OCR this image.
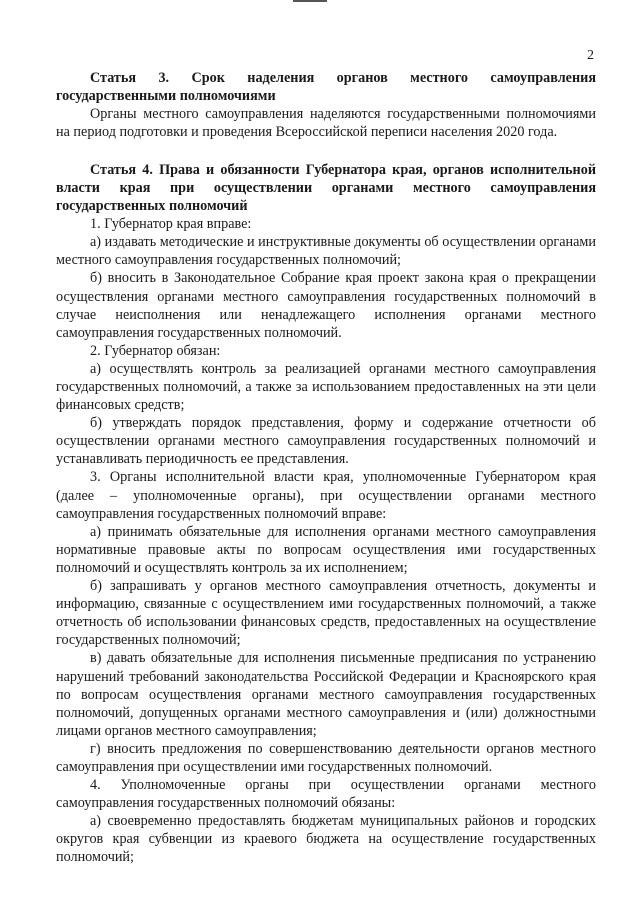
2

Статья 3. Срок наделения органов местного самоуправления государственными полномочиями

Органы местного самоуправления наделяются государственными полномочиями на период подготовки и проведения Всероссийской переписи населения 2020 года.

Статья 4. Права и обязанности Губернатора края, органов исполнительной власти края при осуществлении органами местного самоуправления государственных полномочий

1. Губернатор края вправе:

а) издавать методические и инструктивные документы об осуществлении органами местного самоуправления государственных полномочий;

б) вносить в Законодательное Собрание края проект закона края о прекращении осуществления органами местного самоуправления государственных полномочий в случае неисполнения или ненадлежащего исполнения органами местного самоуправления государственных полномочий.

2. Губернатор обязан:

а) осуществлять контроль за реализацией органами местного самоуправления государственных полномочий, а также за использованием предоставленных на эти цели финансовых средств;

б) утверждать порядок представления, форму и содержание отчетности об осуществлении органами местного самоуправления государственных полномочий и устанавливать периодичность ее представления.

3. Органы исполнительной власти края, уполномоченные Губернатором края (далее – уполномоченные органы), при осуществлении органами местного самоуправления государственных полномочий вправе:

а) принимать обязательные для исполнения органами местного самоуправления нормативные правовые акты по вопросам осуществления ими государственных полномочий и осуществлять контроль за их исполнением;

б) запрашивать у органов местного самоуправления отчетность, документы и информацию, связанные с осуществлением ими государственных полномочий, а также отчетность об использовании финансовых средств, предоставленных на осуществление государственных полномочий;

в) давать обязательные для исполнения письменные предписания по устранению нарушений требований законодательства Российской Федерации и Красноярского края по вопросам осуществления органами местного самоуправления государственных полномочий, допущенных органами местного самоуправления и (или) должностными лицами органов местного самоуправления;

г) вносить предложения по совершенствованию деятельности органов местного самоуправления при осуществлении ими государственных полномочий.

4. Уполномоченные органы при осуществлении органами местного самоуправления государственных полномочий обязаны:

а) своевременно предоставлять бюджетам муниципальных районов и городских округов края субвенции из краевого бюджета на осуществление государственных полномочий;
